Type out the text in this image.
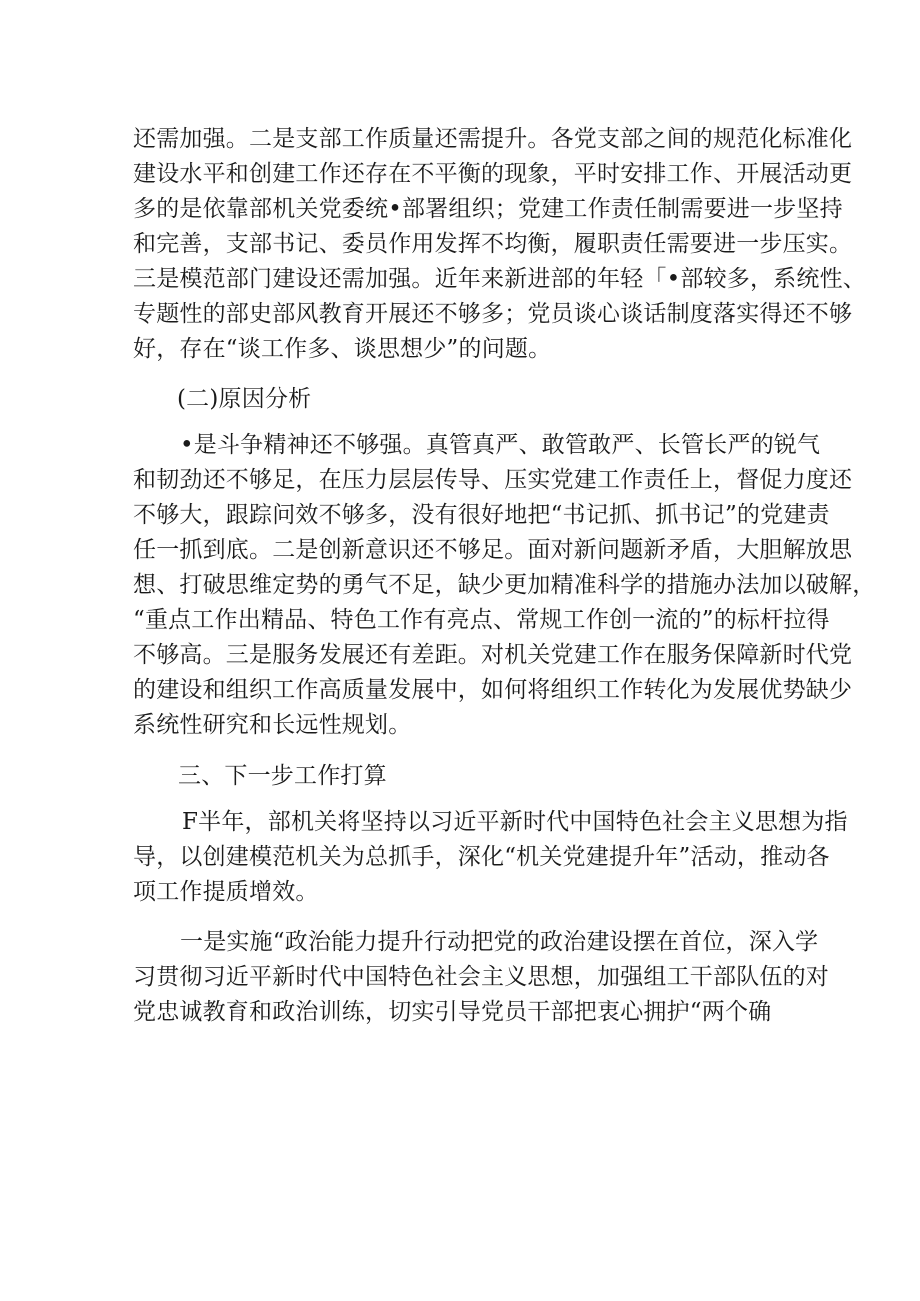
还需加强。二是支部工作质量还需提升。各党支部之间的规范化标准化
建设水平和创建工作还存在不平衡的现象，平时安排工作、开展活动更
多的是依靠部机关党委统•部署组织；党建工作责任制需要进一步坚持
和完善，支部书记、委员作用发挥不均衡，履职责任需要进一步压实。
三是模范部门建设还需加强。近年来新进部的年轻「•部较多，系统性、
专题性的部史部风教育开展还不够多；党员谈心谈话制度落实得还不够
好，存在“谈工作多、谈思想少”的问题。
(二)原因分析
•是斗争精神还不够强。真管真严、敢管敢严、长管长严的锐气
和韧劲还不够足，在压力层层传导、压实党建工作责任上，督促力度还
不够大，跟踪问效不够多，没有很好地把“书记抓、抓书记”的党建责
任一抓到底。二是创新意识还不够足。面对新问题新矛盾，大胆解放思
想、打破思维定势的勇气不足，缺少更加精准科学的措施办法加以破解，
“重点工作出精品、特色工作有亮点、常规工作创一流的”的标杆拉得
不够高。三是服务发展还有差距。对机关党建工作在服务保障新时代党
的建设和组织工作高质量发展中，如何将组织工作转化为发展优势缺少
系统性研究和长远性规划。
三、下一步工作打算
F半年，部机关将坚持以习近平新时代中国特色社会主义思想为指
导，以创建模范机关为总抓手，深化“机关党建提升年”活动，推动各
项工作提质增效。
一是实施“政治能力提升行动把党的政治建设摆在首位，深入学
习贯彻习近平新时代中国特色社会主义思想，加强组工干部队伍的对
党忠诚教育和政治训练，切实引导党员干部把衷心拥护“两个确
